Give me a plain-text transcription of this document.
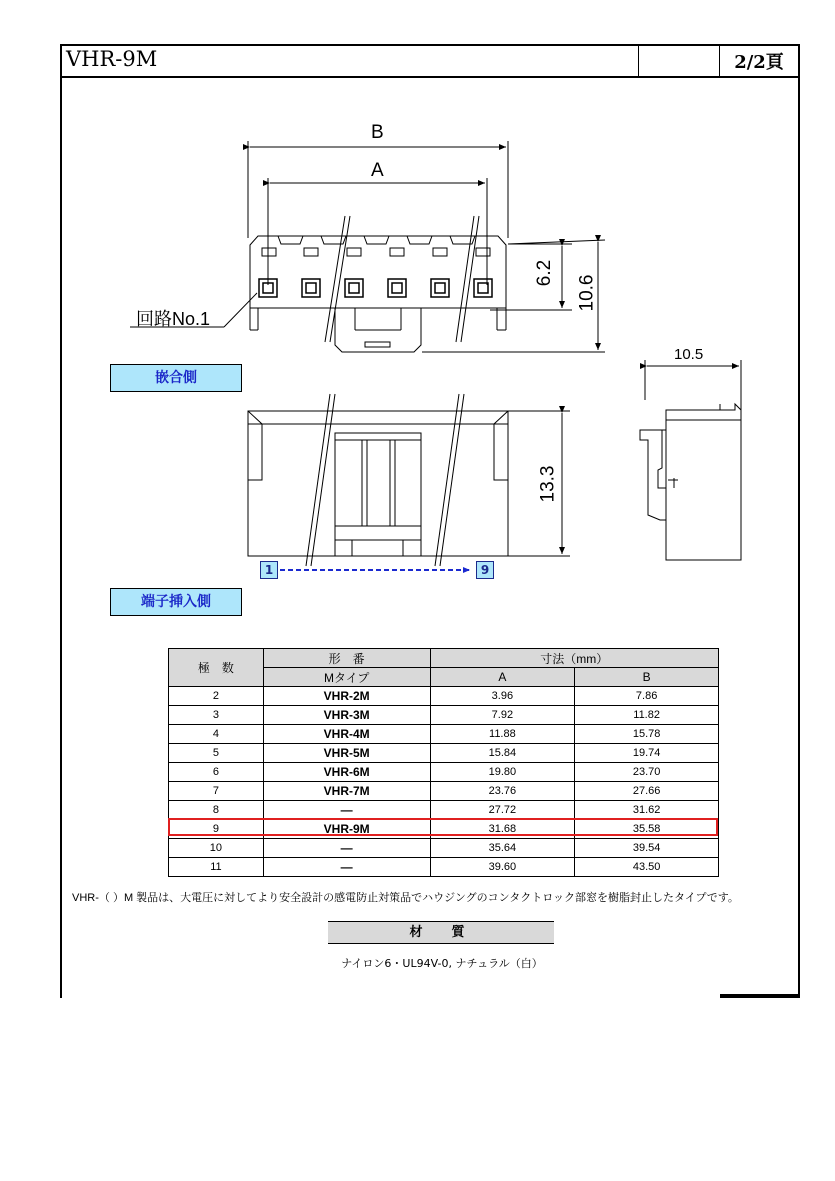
VHR-9M	2/2頁
B
A
6.2
10.6
13.3
10.5
回路No.1
嵌合側
端子挿入側
1	9
極　数	形　番	寸法（mm）	
	Mタイプ	A	B
2	VHR-2M	3.96	7.86
3	VHR-3M	7.92	11.82
4	VHR-4M	11.88	15.78
5	VHR-5M	15.84	19.74
6	VHR-6M	19.80	23.70
7	VHR-7M	23.76	27.66
8	—	27.72	31.62
9	VHR-9M	31.68	35.58
10	—	35.64	39.54
11	—	39.60	43.50
VHR-（ ）M 製品は、大電圧に対してより安全設計の感電防止対策品でハウジングのコンタクトロック部窓を樹脂封止したタイプです。
材　質
ナイロン6・UL94V-0, ナチュラル（白）
